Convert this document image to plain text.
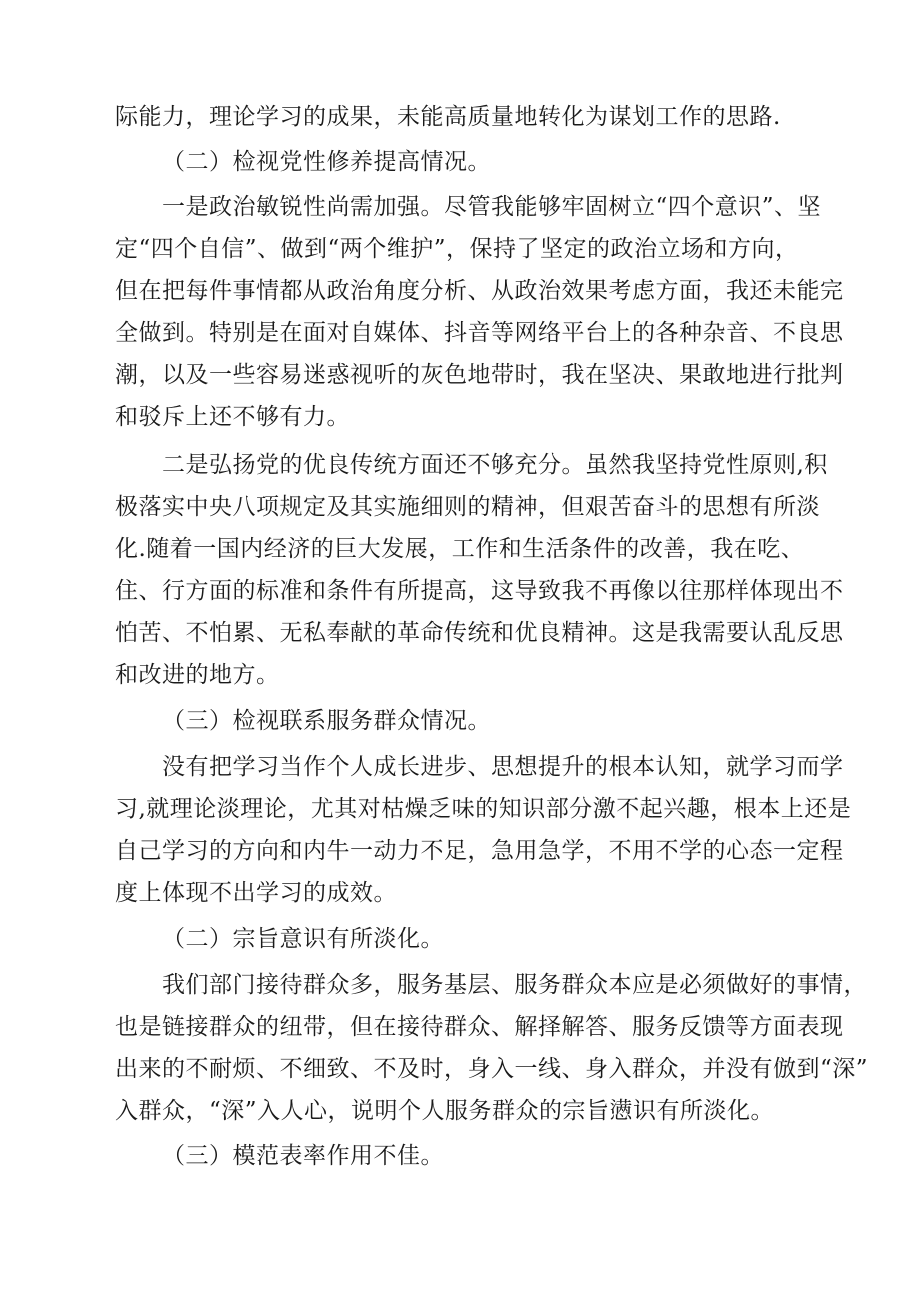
际能力，理论学习的成果，未能高质量地转化为谋划工作的思路.
（二）检视党性修养提高情况。
一是政治敏锐性尚需加强。尽管我能够牢固树立“四个意识”、坚
定“四个自信”、做到“两个维护”，保持了坚定的政治立场和方向，
但在把每件事情都从政治角度分析、从政治效果考虑方面，我还未能完
全做到。特别是在面对自媒体、抖音等网络平台上的各种杂音、不良思
潮，以及一些容易迷惑视听的灰色地带时，我在坚决、果敢地进行批判
和驳斥上还不够有力。
二是弘扬党的优良传统方面还不够充分。虽然我坚持党性原则,积
极落实中央八项规定及其实施细则的精神，但艰苦奋斗的思想有所淡
化.随着一国内经济的巨大发展，工作和生活条件的改善，我在吃、
住、行方面的标准和条件有所提高，这导致我不再像以往那样体现出不
怕苦、不怕累、无私奉献的革命传统和优良精神。这是我需要认乱反思
和改进的地方。
（三）检视联系服务群众情况。
没有把学习当作个人成长进步、思想提升的根本认知，就学习而学
习,就理论淡理论，尤其对枯燥乏味的知识部分激不起兴趣，根本上还是
自己学习的方向和内牛一动力不足，急用急学，不用不学的心态一定程
度上体现不出学习的成效。
（二）宗旨意识有所淡化。
我们部门接待群众多，服务基层、服务群众本应是必须做好的事情，
也是链接群众的纽带，但在接待群众、解择解答、服务反馈等方面表现
出来的不耐烦、不细致、不及时，身入一线、身入群众，并没有倣到“深”
入群众，“深”入人心，说明个人服务群众的宗旨懑识有所淡化。
（三）模范表率作用不佳。
